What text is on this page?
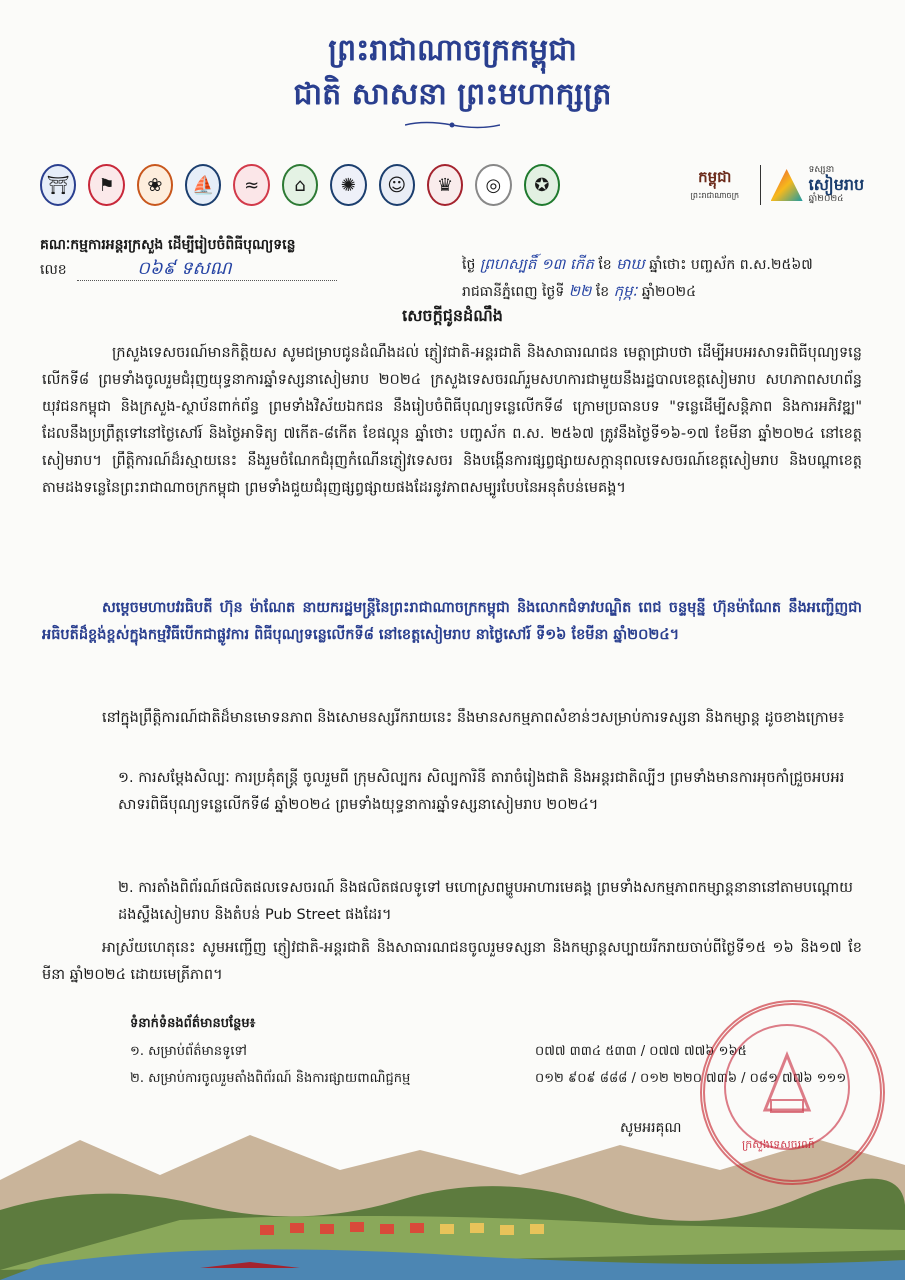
ព្រះរាជាណាចក្រកម្ពុជា
ជាតិ សាសនា ព្រះមហាក្សត្រ
⛩	⚑	❀	⛵	≈	⌂	✺	☺	♛	◎	✪	កម្ពុជា
ព្រះរាជាណាចក្រ
ទស្សនា
សៀមរាប
ឆ្នាំ២០២៤
គណៈកម្មការអន្តរក្រសួង ដើម្បីរៀបចំពិធីបុណ្យទន្លេ
លេខ	០៦៩ ទសណ	ថ្ងៃ ព្រហស្បតិ៍ ១៣ កើត ខែ មាឃ ឆ្នាំថោះ បញ្ចស័ក ព.ស.២៥៦៧
រាជធានីភ្នំពេញ ថ្ងៃទី ២២ ខែ កុម្ភៈ ឆ្នាំ២០២៤
សេចក្តីជូនដំណឹង
ក្រសួងទេសចរណ៍មានកិត្តិយស សូមជម្រាបជូនដំណឹងដល់ ភ្ញៀវជាតិ-អន្តរជាតិ និងសាធារណជន មេត្តាជ្រាបថា ដើម្បីអបអរសាទរពិធីបុណ្យទន្លេលើកទី៨ ព្រមទាំងចូលរួមជំរុញយុទ្ធនាការឆ្នាំទស្សនាសៀមរាប ២០២៤ ក្រសួងទេសចរណ៍រួមសហការជាមួយនឹងរដ្ឋបាលខេត្តសៀមរាប សហភាពសហព័ន្ធយុវជនកម្ពុជា និងក្រសួង-ស្ថាប័នពាក់ព័ន្ធ ព្រមទាំងវិស័យឯកជន នឹងរៀបចំពិធីបុណ្យទន្លេលើកទី៨ ក្រោមប្រធានបទ "ទន្លេដើម្បីសន្តិភាព និងការអភិវឌ្ឍ" ដែលនឹងប្រព្រឹត្តទៅនៅថ្ងៃសៅរ៍ និងថ្ងៃអាទិត្យ ៧កើត-៨កើត ខែផល្គុន ឆ្នាំថោះ បញ្ចស័ក ព.ស. ២៥៦៧ ត្រូវនឹងថ្ងៃទី១៦-១៧ ខែមីនា ឆ្នាំ២០២៤ នៅខេត្តសៀមរាប។ ព្រឹត្តិការណ៍ដ៏រស្មាយនេះ នឹងរួមចំណែកជំរុញកំណើនភ្ញៀវទេសចរ និងបង្កើនការផ្សព្វផ្សាយសក្តានុពលទេសចរណ៍ខេត្តសៀមរាប និងបណ្តាខេត្តតាមដងទន្លេនៃព្រះរាជាណាចក្រកម្ពុជា ព្រមទាំងជួយជំរុញផ្សព្វផ្សាយផងដែរនូវភាពសម្បូរបែបនៃអនុតំបន់មេគង្គ។
សម្តេចមហាបវរធិបតី ហ៊ុន ម៉ាណែត នាយករដ្ឋមន្ត្រីនៃព្រះរាជាណាចក្រកម្ពុជា និងលោកជំទាវបណ្ឌិត ពេជ ចន្ទមុន្នី ហ៊ុនម៉ាណែត នឹងអញ្ជើញជាអធិបតីដ៏ខ្ពង់ខ្ពស់ក្នុងកម្មវិធីបើកជាផ្លូវការ ពិធីបុណ្យទន្លេលើកទី៨ នៅខេត្តសៀមរាប នាថ្ងៃសៅរ៍ ទី១៦ ខែមីនា ឆ្នាំ២០២៤។
នៅក្នុងព្រឹត្តិការណ៍ជាតិដ៏មានមោទនភាព និងសោមនស្សរីករាយនេះ នឹងមានសកម្មភាពសំខាន់ៗសម្រាប់ការទស្សនា និងកម្សាន្ត ដូចខាងក្រោម៖
១. ការសម្តែងសិល្បៈ ការប្រគុំតន្ត្រី ចូលរួមពី ក្រុមសិល្បករ សិល្បការិនី តារាចំរៀងជាតិ និងអន្តរជាតិល្បីៗ ព្រមទាំងមានការអុចកាំជ្រួចអបអរសាទរពិធីបុណ្យទន្លេលើកទី៨ ឆ្នាំ២០២៤ ព្រមទាំងយុទ្ធនាការឆ្នាំទស្សនាសៀមរាប ២០២៤។
២. ការតាំងពិព័រណ៍ផលិតផលទេសចរណ៍ និងផលិតផលទូទៅ មហោស្រពម្ហូបអាហារមេគង្គ ព្រមទាំងសកម្មភាពកម្សាន្តនានានៅតាមបណ្តោយដងស្ទឹងសៀមរាប និងតំបន់ Pub Street ផងដែរ។
អាស្រ័យហេតុនេះ សូមអញ្ជើញ ភ្ញៀវជាតិ-អន្តរជាតិ និងសាធារណជនចូលរួមទស្សនា និងកម្សាន្តសប្បាយរីករាយចាប់ពីថ្ងៃទី១៥ ១៦ និង១៧ ខែមីនា ឆ្នាំ២០២៤ ដោយមេត្រីភាព។
ទំនាក់ទំនងព័ត៌មានបន្ថែម៖
១. សម្រាប់ព័ត៌មានទូទៅ	០៧៧ ៣៣៤ ៥៣៣ / ០៧៧ ៧៧៦ ១៦៥
២. សម្រាប់ការចូលរួមតាំងពិព័រណ៍ និងការផ្សាយពាណិជ្ជកម្ម	០១២ ៩០៩ ៨៨៨ / ០១២ ២២០ ៧៣៦ / ០៨១ ៧៧៦ ១១១
ក្រសួងទេសចរណ៍
សូមអរគុណ
